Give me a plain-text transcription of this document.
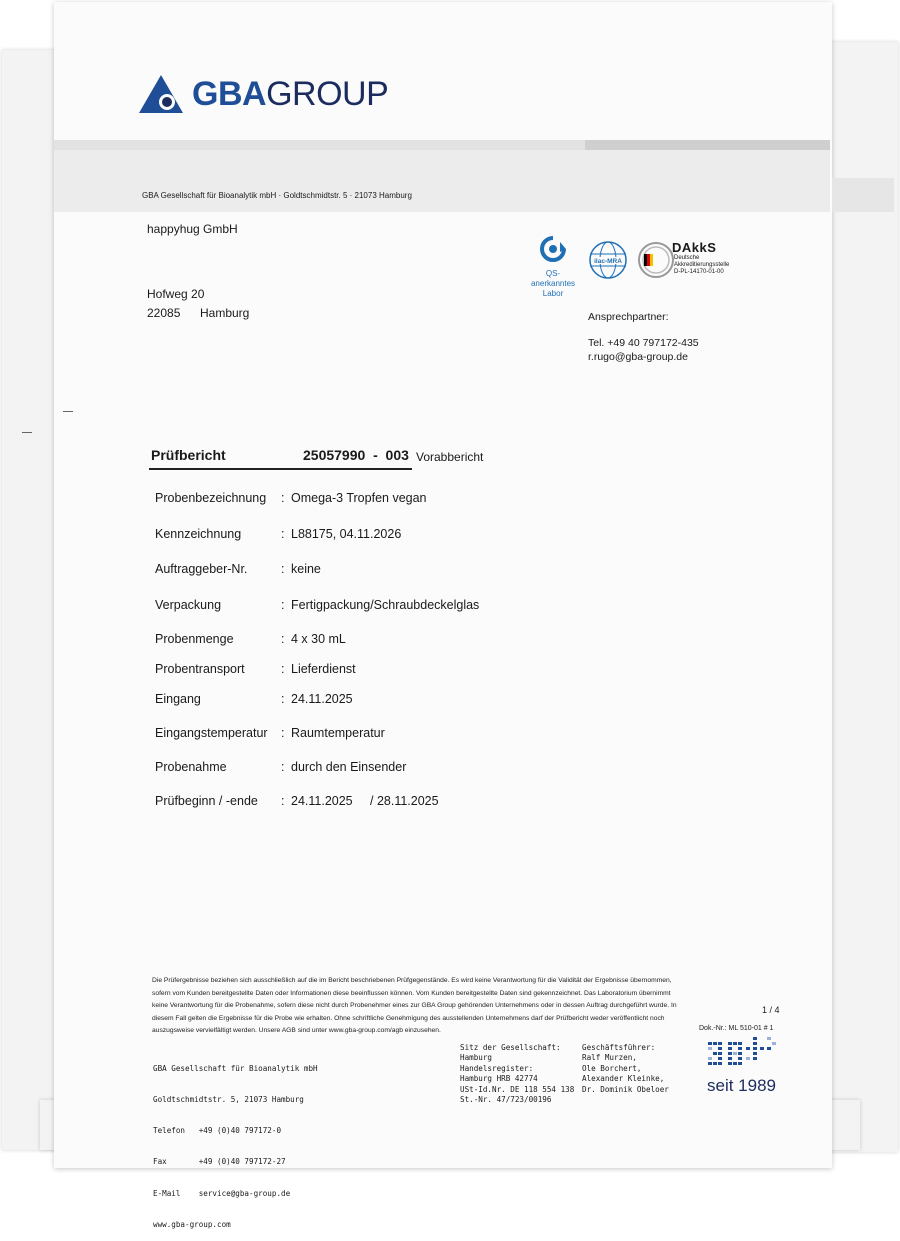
GBAGROUP
GBA Gesellschaft für Bioanalytik mbH · Goldtschmidtstr. 5 · 21073 Hamburg
happyhug GmbH
Hofweg 20
22085 Hamburg
QS-anerkanntes
Labor
ilac-MRA
DAkkS
Deutsche
Akkreditierungsstelle
D-PL-14170-01-00
Ansprechpartner:
Tel. +49 40 797172-435
r.rugo@gba-group.de
Prüfbericht	25057990 - 003 Vorabbericht
Probenbezeichnung : Omega-3 Tropfen vegan
Kennzeichnung	: L88175, 04.11.2026
Auftraggeber-Nr.	: keine
Verpackung	: Fertigpackung/Schraubdeckelglas
Probenmenge	: 4 x 30 mL
Probentransport	: Lieferdienst
Eingang	: 24.11.2025
Eingangstemperatur : Raumtemperatur
Probenahme	: durch den Einsender
Prüfbeginn / -ende : 24.11.2025 / 28.11.2025
Die Prüfergebnisse beziehen sich ausschließlich auf die im Bericht beschriebenen Prüfgegenstände. Es wird keine Verantwortung für die Validität der Ergebnisse übernommen,
sofern vom Kunden bereitgestellte Daten oder Informationen diese beeinflussen können. Vom Kunden bereitgestellte Daten sind gekennzeichnet. Das Laboratorium übernimmt
keine Verantwortung für die Probenahme, sofern diese nicht durch Probenehmer eines zur GBA Group gehörenden Unternehmens oder in dessen Auftrag durchgeführt wurde. In
diesem Fall gelten die Ergebnisse für die Probe wie erhalten. Ohne schriftliche Genehmigung des ausstellenden Unternehmens darf der Prüfbericht weder veröffentlicht noch
auszugsweise vervielfältigt werden. Unsere AGB sind unter www.gba-group.com/agb einzusehen.
1 / 4
Dok.-Nr.: ML 510-01 # 1

GBA Gesellschaft für Bioanalytik mbH

Goldtschmidtstr. 5, 21073 Hamburg

Telefon   +49 (0)40 797172-0

Fax       +49 (0)40 797172-27

E-Mail    service@gba-group.de

www.gba-group.com

Sitz der Gesellschaft:
Hamburg
Handelsregister:
Hamburg HRB 42774
USt-Id.Nr. DE 118 554 138
St.-Nr. 47/723/00196
Geschäftsführer:
Ralf Murzen,
Ole Borchert,
Alexander Kleinke,
Dr. Dominik Obeloer seit 1989
